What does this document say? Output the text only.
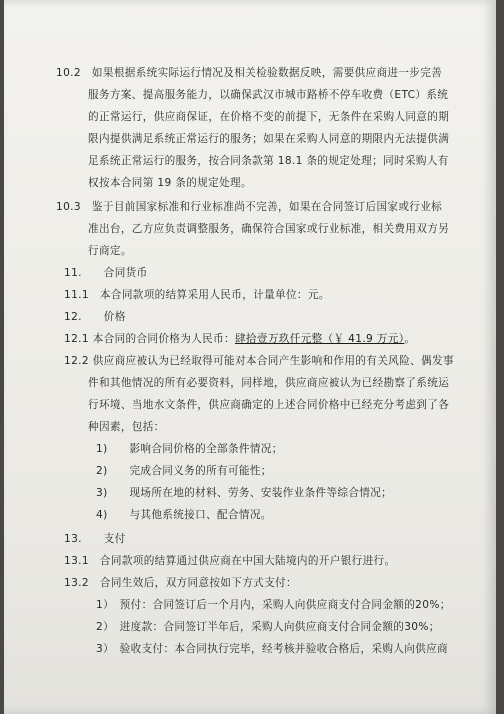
10.2　如果根据系统实际运行情况及相关检验数据反映，需要供应商进一步完善
服务方案、提高服务能力，以确保武汉市城市路桥不停车收费（ETC）系统
的正常运行，供应商保证，在价格不变的前提下，无条件在采购人同意的期
限内提供满足系统正常运行的服务；如果在采购人同意的期限内无法提供满
足系统正常运行的服务，按合同条款第 18.1 条的规定处理；同时采购人有
权按本合同第 19 条的规定处理。
10.3　鉴于目前国家标准和行业标准尚不完善，如果在合同签订后国家或行业标
准出台，乙方应负责调整服务，确保符合国家或行业标准，相关费用双方另
行商定。
11.　　合同货币
11.1　本合同款项的结算采用人民币，计量单位：元。
12.　　价格
12.1 本合同的合同价格为人民币：肆拾壹万玖仟元整（￥ 41.9 万元）。
12.2 供应商应被认为已经取得可能对本合同产生影响和作用的有关风险、偶发事
件和其他情况的所有必要资料，同样地，供应商应被认为已经勘察了系统运
行环境、当地水文条件，供应商确定的上述合同价格中已经充分考虑到了各
种因素，包括：
1)　　影响合同价格的全部条件情况；
2)　　完成合同义务的所有可能性；
3)　　现场所在地的材料、劳务、安装作业条件等综合情况；
4)　　与其他系统接口、配合情况。
13.　　支付
13.1　合同款项的结算通过供应商在中国大陆境内的开户银行进行。
13.2　合同生效后，双方同意按如下方式支付：
1）　预付：合同签订后一个月内，采购人向供应商支付合同金额的20%；
2）　进度款：合同签订半年后，采购人向供应商支付合同金额的30%；
3）　验收支付：本合同执行完毕，经考核并验收合格后，采购人向供应商
